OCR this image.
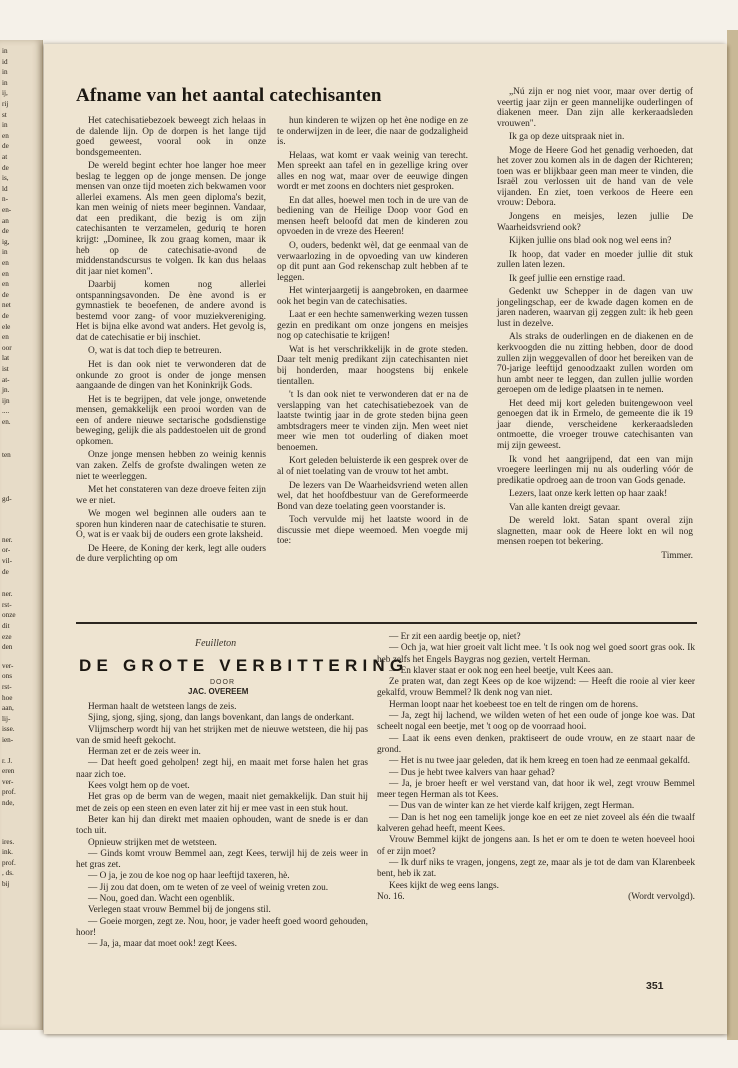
in
id
in
in
ij,
rij
st
in
en
de
at
de
is,
ld
n-
en-
an
de
ig,
in
en
en
en
de
net
de
ele
en
oor
lat
ist
at-
jn.
ijn
....
en.
ten
gd-
ner.
or-
vil-
de
ner.
rst-
onze
dit
eze
den
ver-
ons
rst-
hoe
aan,
lij-
isse.
ien-
r. J.
eren
ver-
prof.
nde,
ires.
ink.
prof.
, ds.
bij
Afname van het aantal catechisanten

Het catechisatiebezoek beweegt zich helaas in de dalende lijn. Op de dorpen is het lange tijd goed geweest, vooral ook in onze bondsgemeenten.

De wereld begint echter hoe langer hoe meer beslag te leggen op de jonge mensen. De jonge mensen van onze tijd moeten zich bekwamen voor allerlei examens. Als men geen diploma's bezit, kan men weinig of niets meer beginnen. Vandaar, dat een predikant, die bezig is om zijn catechisanten te verzamelen, geduriq te horen krijgt: „Dominee, Ik zou graag komen, maar ik heb op de catechisatie-avond de middenstandscursus te volgen. Ik kan dus helaas dit jaar niet komen".

Daarbij komen nog allerlei ontspanningsavonden. De ène avond is er gymnastiek te beoefenen, de andere avond is bestemd voor zang- of voor muziekvereniging. Het is bijna elke avond wat anders. Het gevolg is, dat de catechisatie er bij inschiet.

O, wat is dat toch diep te betreuren.

Het is dan ook niet te verwonderen dat de onkunde zo groot is onder de jonge mensen aangaande de dingen van het Koninkrijk Gods.

Het is te begrijpen, dat vele jonge, onwetende mensen, gemakkelijk een prooi worden van de een of andere nieuwe sectarische godsdienstige beweging, gelijk die als paddestoelen uit de grond opkomen.

Onze jonge mensen hebben zo weinig kennis van zaken. Zelfs de grofste dwalingen weten ze niet te weerleggen.

Met het constateren van deze droeve feiten zijn we er niet.

We mogen wel beginnen alle ouders aan te sporen hun kinderen naar de catechisatie te sturen. O, wat is er vaak bij de ouders een grote laksheid.

De Heere, de Koning der kerk, legt alle ouders de dure verplichting op om

hun kinderen te wijzen op het ène nodige en ze te onderwijzen in de leer, die naar de godzaligheid is.

Helaas, wat komt er vaak weinig van terecht. Men spreekt aan tafel en in gezellige kring over alles en nog wat, maar over de eeuwige dingen wordt er met zoons en dochters niet gesproken.

En dat alles, hoewel men toch in de ure van de bediening van de Heilige Doop voor God en mensen heeft beloofd dat men de kinderen zou opvoeden in de vreze des Heeren!

O, ouders, bedenkt wèl, dat ge eenmaal van de verwaarlozing in de opvoeding van uw kinderen op dit punt aan God rekenschap zult hebben af te leggen.

Het winterjaargetij is aangebroken, en daarmee ook het begin van de catechisaties.

Laat er een hechte samenwerking wezen tussen gezin en predikant om onze jongens en meisjes nog op catechisatie te krijgen!

Wat is het verschrikkelijk in de grote steden. Daar telt menig predikant zijn catechisanten niet bij honderden, maar hoogstens bij enkele tientallen.

't Is dan ook niet te verwonderen dat er na de verslapping van het catechisatiebezoek van de laatste twintig jaar in de grote steden bijna geen ambtsdragers meer te vinden zijn. Men weet niet meer wie men tot ouderling of diaken moet benoemen.

Kort geleden beluisterde ik een gesprek over de al of niet toelating van de vrouw tot het ambt.

De lezers van De Waarheidsvriend weten allen wel, dat het hoofdbestuur van de Gereformeerde Bond van deze toelating geen voorstander is.

Toch vervulde mij het laatste woord in de discussie met diepe weemoed. Men voegde mij toe:

„Nú zijn er nog niet voor, maar over dertig of veertig jaar zijn er geen mannelijke ouderlingen of diakenen meer. Dan zijn alle kerkeraadsleden vrouwen".

Ik ga op deze uitspraak niet in.

Moge de Heere God het genadig verhoeden, dat het zover zou komen als in de dagen der Richteren; toen was er blijkbaar geen man meer te vinden, die Israël zou verlossen uit de hand van de vele vijanden. En ziet, toen verkoos de Heere een vrouw: Debora.

Jongens en meisjes, lezen jullie De Waarheidsvriend ook?

Kijken jullie ons blad ook nog wel eens in?

Ik hoop, dat vader en moeder jullie dit stuk zullen laten lezen.

Ik geef jullie een ernstige raad.

Gedenkt uw Schepper in de dagen van uw jongelingschap, eer de kwade dagen komen en de jaren naderen, waarvan gij zeggen zult: ik heb geen lust in dezelve.

Als straks de ouderlingen en de diakenen en de kerkvoogden die nu zitting hebben, door de dood zullen zijn weggevallen of door het bereiken van de 70-jarige leeftijd genoodzaakt zullen worden om hun ambt neer te leggen, dan zullen jullie worden geroepen om de ledige plaatsen in te nemen.

Het deed mij kort geleden buitengewoon veel genoegen dat ik in Ermelo, de gemeente die ik 19 jaar diende, verscheidene kerkeraadsleden ontmoette, die vroeger trouwe catechisanten van mij zijn geweest.

Ik vond het aangrijpend, dat een van mijn vroegere leerlingen mij nu als ouderling vóór de predikatie opdroeg aan de troon van Gods genade.

Lezers, laat onze kerk letten op haar zaak!

Van alle kanten dreigt gevaar.

De wereld lokt. Satan spant overal zijn slagnetten, maar ook de Heere lokt en wil nog mensen roepen tot bekering.

Timmer.
Feuilleton
DE GROTE VERBITTERING
DOOR
JAC. OVEREEM

Herman haalt de wetsteen langs de zeis.

Sjing, sjong, sjing, sjong, dan langs bovenkant, dan langs de onderkant.

Vlijmscherp wordt hij van het strijken met de nieuwe wetsteen, die hij pas van de smid heeft gekocht.

Herman zet er de zeis weer in.

— Dat heeft goed geholpen! zegt hij, en maait met forse halen het gras naar zich toe.

Kees volgt hem op de voet.

Het gras op de berm van de wegen, maait niet gemakkelijk. Dan stuit hij met de zeis op een steen en even later zit hij er mee vast in een stuk hout.

Beter kan hij dan direkt met maaien ophouden, want de snede is er dan toch uit.

Opnieuw strijken met de wetsteen.

— Ginds komt vrouw Bemmel aan, zegt Kees, terwijl hij de zeis weer in het gras zet.

— O ja, je zou de koe nog op haar leeftijd taxeren, hè.

— Jij zou dat doen, om te weten of ze veel of weinig vreten zou.

— Nou, goed dan. Wacht een ogenblik.

Verlegen staat vrouw Bemmel bij de jongens stil.

— Goeie morgen, zegt ze. Nou, hoor, je vader heeft goed woord gehouden, hoor!

— Ja, ja, maar dat moet ook! zegt Kees.

— Er zit een aardig beetje op, niet?

— Och ja, wat hier groeit valt licht mee. 't Is ook nog wel goed soort gras ook. Ik heb zelfs het Engels Baygras nog gezien, vertelt Herman.

— En klaver staat er ook nog een heel beetje, vult Kees aan.

Ze praten wat, dan zegt Kees op de koe wijzend: — Heeft die rooie al vier keer gekalfd, vrouw Bemmel? Ik denk nog van niet.

Herman loopt naar het koebeest toe en telt de ringen om de horens.

— Ja, zegt hij lachend, we wilden weten of het een oude of jonge koe was. Dat scheelt nogal een beetje, met 't oog op de voorraad hooi.

— Laat ik eens even denken, praktiseert de oude vrouw, en ze staart naar de grond.

— Het is nu twee jaar geleden, dat ik hem kreeg en toen had ze eenmaal gekalfd.

— Dus je hebt twee kalvers van haar gehad?

— Ja, je broer heeft er wel verstand van, dat hoor ik wel, zegt vrouw Bemmel meer tegen Herman als tot Kees.

— Dus van de winter kan ze het vierde kalf krijgen, zegt Herman.

— Dan is het nog een tamelijk jonge koe en eet ze niet zoveel als één die twaalf kalveren gehad heeft, meent Kees.

Vrouw Bemmel kijkt de jongens aan. Is het er om te doen te weten hoeveel hooi of er zijn moet?

— Ik durf niks te vragen, jongens, zegt ze, maar als je tot de dam van Klarenbeek bent, heb ik zat.

Kees kijkt de weg eens langs.

No. 16.	(Wordt vervolgd).
351
